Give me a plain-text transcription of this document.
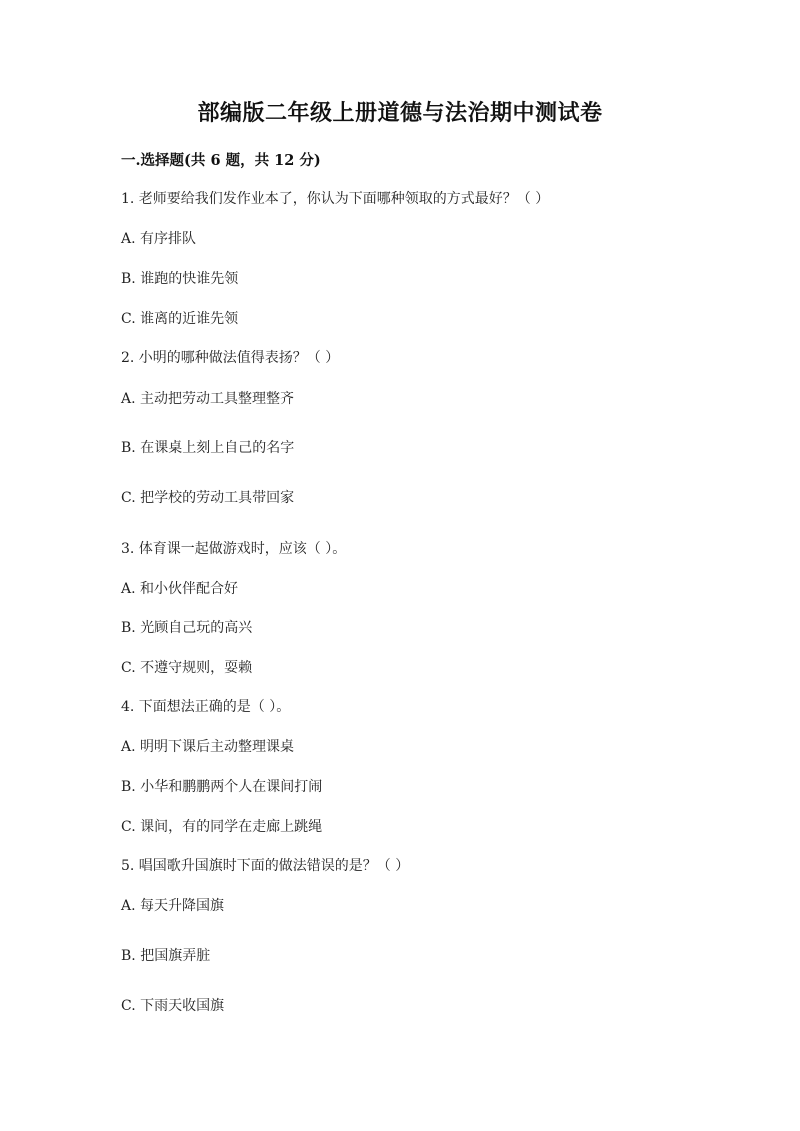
部编版二年级上册道德与法治期中测试卷
一.选择题(共 6 题，共 12 分)
1. 老师要给我们发作业本了，你认为下面哪种领取的方式最好？（ ）
A. 有序排队
B. 谁跑的快谁先领
C. 谁离的近谁先领
2. 小明的哪种做法值得表扬？（ ）
A. 主动把劳动工具整理整齐
B. 在课桌上刻上自己的名字
C. 把学校的劳动工具带回家
3. 体育课一起做游戏时，应该（ ）。
A. 和小伙伴配合好
B. 光顾自己玩的高兴
C. 不遵守规则，耍赖
4. 下面想法正确的是（ ）。
A. 明明下课后主动整理课桌
B. 小华和鹏鹏两个人在课间打闹
C. 课间，有的同学在走廊上跳绳
5. 唱国歌升国旗时下面的做法错误的是？（ ）
A. 每天升降国旗
B. 把国旗弄脏
C. 下雨天收国旗
